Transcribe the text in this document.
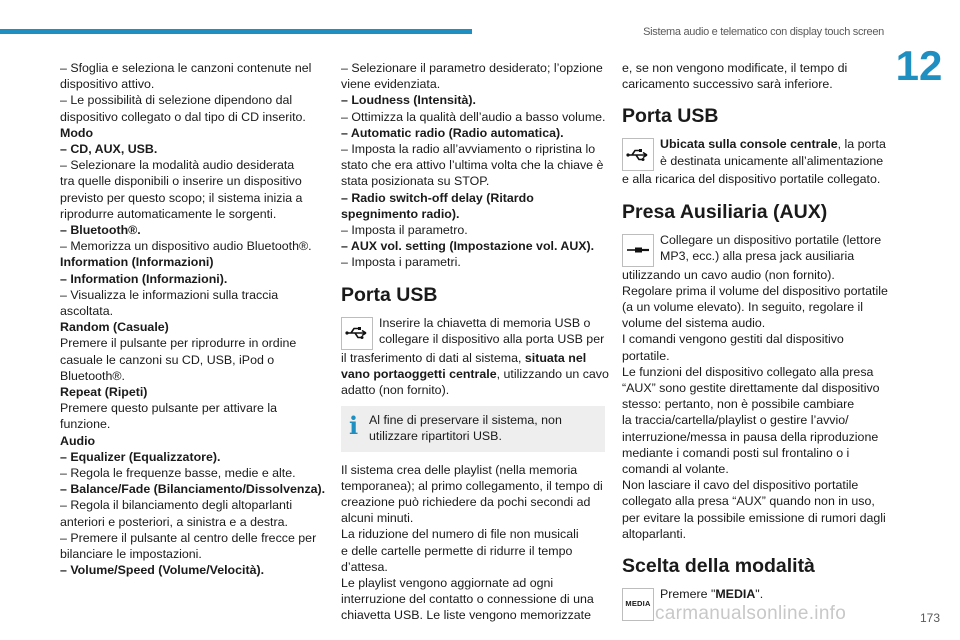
Sistema audio e telematico con display touch screen
12
– Sfoglia e seleziona le canzoni contenute nel
dispositivo attivo.
– Le possibilità di selezione dipendono dal
dispositivo collegato o dal tipo di CD inserito.
Modo
– CD, AUX, USB.
– Selezionare la modalità audio desiderata
tra quelle disponibili o inserire un dispositivo
previsto per questo scopo; il sistema inizia a
riprodurre automaticamente le sorgenti.
– Bluetooth®.
– Memorizza un dispositivo audio Bluetooth®.
Information (Informazioni)
– Information (Informazioni).
– Visualizza le informazioni sulla traccia
ascoltata.
Random (Casuale)
Premere il pulsante per riprodurre in ordine
casuale le canzoni su CD, USB, iPod o
Bluetooth®.
Repeat (Ripeti)
Premere questo pulsante per attivare la
funzione.
Audio
– Equalizer (Equalizzatore).
– Regola le frequenze basse, medie e alte.
– Balance/Fade (Bilanciamento/Dissolvenza).
– Regola il bilanciamento degli altoparlanti
anteriori e posteriori, a sinistra e a destra.
– Premere il pulsante al centro delle frecce per
bilanciare le impostazioni.
– Volume/Speed (Volume/Velocità).
– Selezionare il parametro desiderato; l’opzione
viene evidenziata.
– Loudness (Intensità).
– Ottimizza la qualità dell’audio a basso volume.
– Automatic radio (Radio automatica).
– Imposta la radio all’avviamento o ripristina lo
stato che era attivo l’ultima volta che la chiave è
stata posizionata su STOP.
– Radio switch-off delay (Ritardo
spegnimento radio).
– Imposta il parametro.
– AUX vol. setting (Impostazione vol. AUX).
– Imposta i parametri.
Porta USB
Inserire la chiavetta di memoria USB o
collegare il dispositivo alla porta USB per
il trasferimento di dati al sistema, situata nel
vano portaoggetti centrale, utilizzando un cavo
adatto (non fornito).
i Al fine di preservare il sistema, non
utilizzare ripartitori USB.
Il sistema crea delle playlist (nella memoria
temporanea); al primo collegamento, il tempo di
creazione può richiedere da pochi secondi ad
alcuni minuti.
La riduzione del numero di file non musicali
e delle cartelle permette di ridurre il tempo
d’attesa.
Le playlist vengono aggiornate ad ogni
interruzione del contatto o connessione di una
chiavetta USB. Le liste vengono memorizzate
e, se non vengono modificate, il tempo di
caricamento successivo sarà inferiore.
Porta USB
Ubicata sulla console centrale, la porta
è destinata unicamente all’alimentazione
e alla ricarica del dispositivo portatile collegato.
Presa Ausiliaria (AUX)
Collegare un dispositivo portatile (lettore
MP3, ecc.) alla presa jack ausiliaria
utilizzando un cavo audio (non fornito).
Regolare prima il volume del dispositivo portatile
(a un volume elevato). In seguito, regolare il
volume del sistema audio.
I comandi vengono gestiti dal dispositivo
portatile.
Le funzioni del dispositivo collegato alla presa
“AUX” sono gestite direttamente dal dispositivo
stesso: pertanto, non è possibile cambiare
la traccia/cartella/playlist o gestire l’avvio/
interruzione/messa in pausa della riproduzione
mediante i comandi posti sul frontalino o i
comandi al volante.
Non lasciare il cavo del dispositivo portatile
collegato alla presa “AUX” quando non in uso,
per evitare la possibile emissione di rumori dagli
altoparlanti.
Scelta della modalità
MEDIA
Premere "MEDIA".
carmanualsonline.info	173
